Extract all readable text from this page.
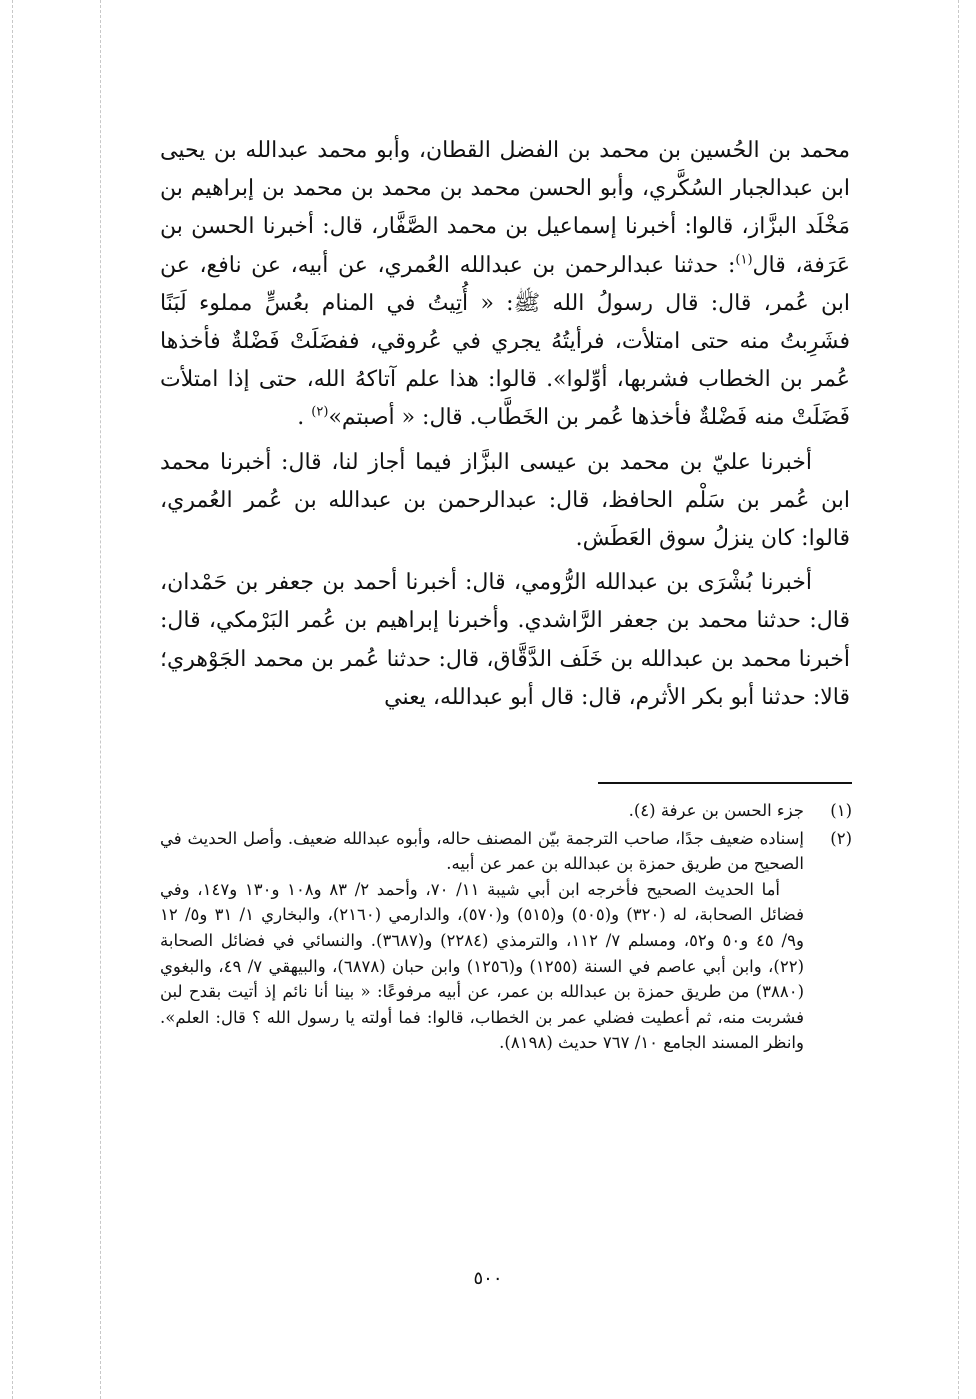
محمد بن الحُسين بن محمد بن الفضل القطان، وأبو محمد عبدالله بن يحيى ابن عبدالجبار السُكَّري، وأبو الحسن محمد بن محمد بن محمد بن إبراهيم بن مَخْلَد البزَّاز، قالوا: أخبرنا إسماعيل بن محمد الصَّفَّار، قال: أخبرنا الحسن بن عَرَفة، قال$^{(١)}$: حدثنا عبدالرحمن بن عبدالله العُمري، عن أبيه، عن نافع، عن ابن عُمر، قال: قال رسولُ الله ﷺ: « أُتِيتُ في المنام بعُسٍّ مملوء لَبَنًا فشَرِبتُ منه حتى امتلأت، فرأيتُهُ يجري في عُروقي، ففضَلَتْ فَضْلةٌ فأخذها عُمر بن الخطاب فشربها، أوِّلوا». قالوا: هذا علم آتاكهُ الله، حتى إذا امتلأت فَضَلَتْ منه فَضْلةٌ فأخذها عُمر بن الخَطَّاب. قال: « أصبتم»$^{(٢)}$ .

أخبرنا عليّ بن محمد بن عيسى البزَّاز فيما أجاز لنا، قال: أخبرنا محمد ابن عُمر بن سَلْم الحافظ، قال: عبدالرحمن بن عبدالله بن عُمر العُمري، قالوا: كان ينزلُ سوق العَطَش.

أخبرنا بُشْرَى بن عبدالله الرُّومي، قال: أخبرنا أحمد بن جعفر بن حَمْدان، قال: حدثنا محمد بن جعفر الرَّاشدي. وأخبرنا إبراهيم بن عُمر البَرْمكي، قال: أخبرنا محمد بن عبدالله بن خَلَف الدَّقَّاق، قال: حدثنا عُمر بن محمد الجَوْهري؛ قالا: حدثنا أبو بكر الأثرم، قال: قال أبو عبدالله، يعني

(١)

جزء الحسن بن عرفة (٤).

(٢)

إسناده ضعيف جدًا، صاحب الترجمة بيّن المصنف حاله، وأبوه عبدالله ضعيف. وأصل الحديث في الصحيح من طريق حمزة بن عبدالله بن عمر عن أبيه.

أما الحديث الصحيح فأخرجه ابن أبي شيبة ١١/ ٧٠، وأحمد ٢/ ٨٣ و١٠٨ و١٣٠ و١٤٧، وفي فضائل الصحابة، له (٣٢٠) و(٥٠٥) و(٥١٥) و(٥٧٠)، والدارمي (٢١٦٠)، والبخاري ١/ ٣١ و٥/ ١٢ و٩/ ٤٥ و٥٠ و٥٢، ومسلم ٧/ ١١٢، والترمذي (٢٢٨٤) و(٣٦٨٧). والنسائي في فضائل الصحابة (٢٢)، وابن أبي عاصم في السنة (١٢٥٥) و(١٢٥٦) وابن حبان (٦٨٧٨)، والبيهقي ٧/ ٤٩، والبغوي (٣٨٨٠) من طريق حمزة بن عبدالله بن عمر، عن أبيه مرفوعًا: « بينا أنا نائم إذ أتيت بقدح لبن فشربت منه، ثم أعطيت فضلي عمر بن الخطاب، قالوا: فما أولته يا رسول الله ؟ قال: العلم». وانظر المسند الجامع ١٠/ ٧٦٧ حديث (٨١٩٨).

٥٠٠
